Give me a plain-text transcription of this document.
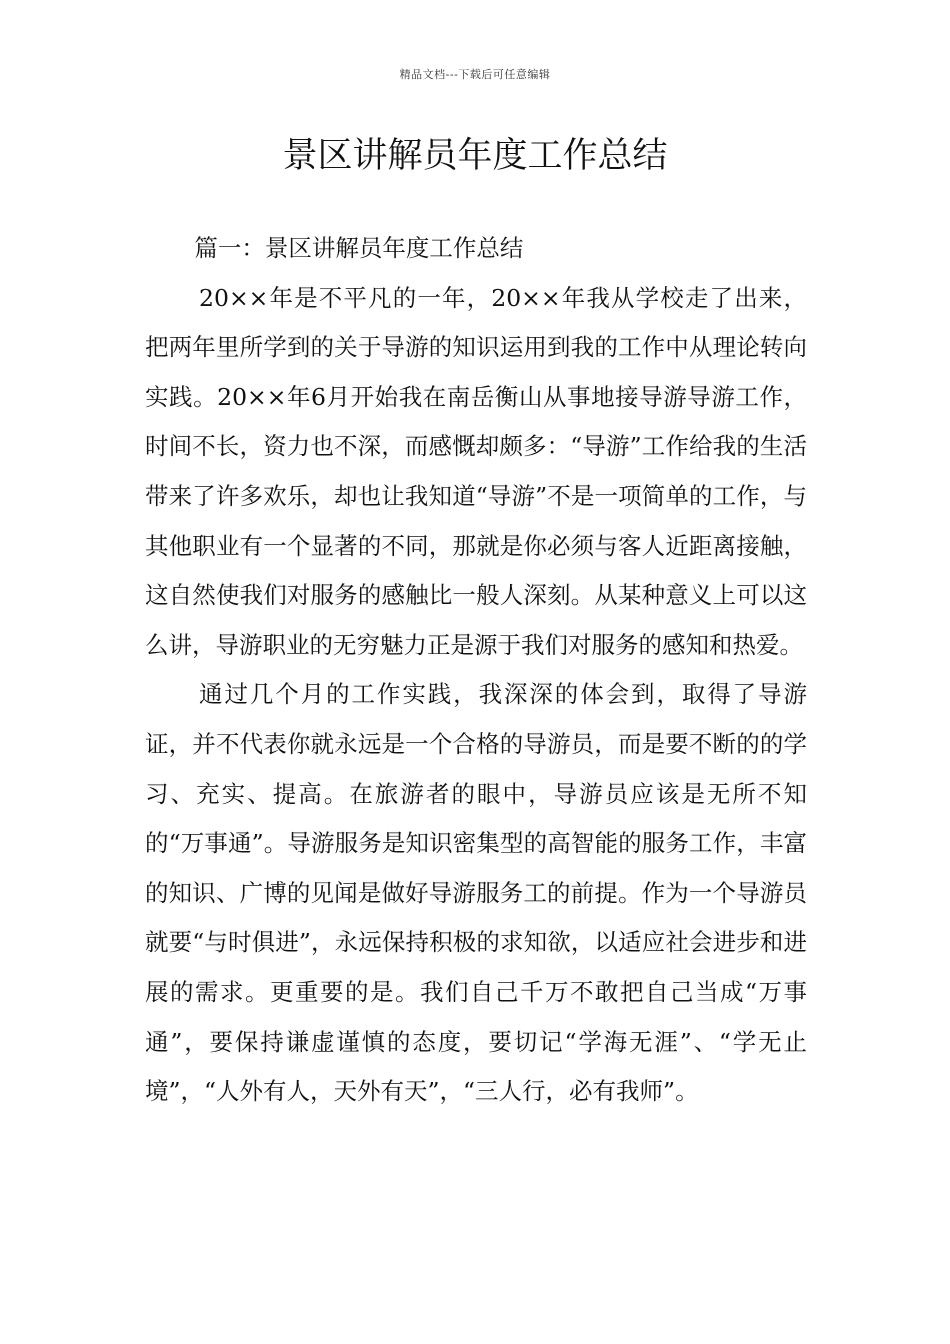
精品文档---下载后可任意编辑
景区讲解员年度工作总结

篇一：景区讲解员年度工作总结

20××年是不平凡的一年，20××年我从学校走了出来，把两年里所学到的关于导游的知识运用到我的工作中从理论转向实践。20××年6月开始我在南岳衡山从事地接导游导游工作，时间不长，资力也不深，而感慨却颇多：“导游”工作给我的生活带来了许多欢乐，却也让我知道“导游”不是一项简单的工作，与其他职业有一个显著的不同，那就是你必须与客人近距离接触，这自然使我们对服务的感触比一般人深刻。从某种意义上可以这么讲，导游职业的无穷魅力正是源于我们对服务的感知和热爱。

通过几个月的工作实践，我深深的体会到，取得了导游证，并不代表你就永远是一个合格的导游员，而是要不断的的学习、充实、提高。在旅游者的眼中，导游员应该是无所不知的“万事通”。导游服务是知识密集型的高智能的服务工作，丰富的知识、广博的见闻是做好导游服务工的前提。作为一个导游员就要“与时俱进”，永远保持积极的求知欲，以适应社会进步和进展的需求。更重要的是。我们自己千万不敢把自己当成“万事通”，要保持谦虚谨慎的态度，要切记“学海无涯”、“学无止境”，“人外有人，天外有天”，“三人行，必有我师”。
